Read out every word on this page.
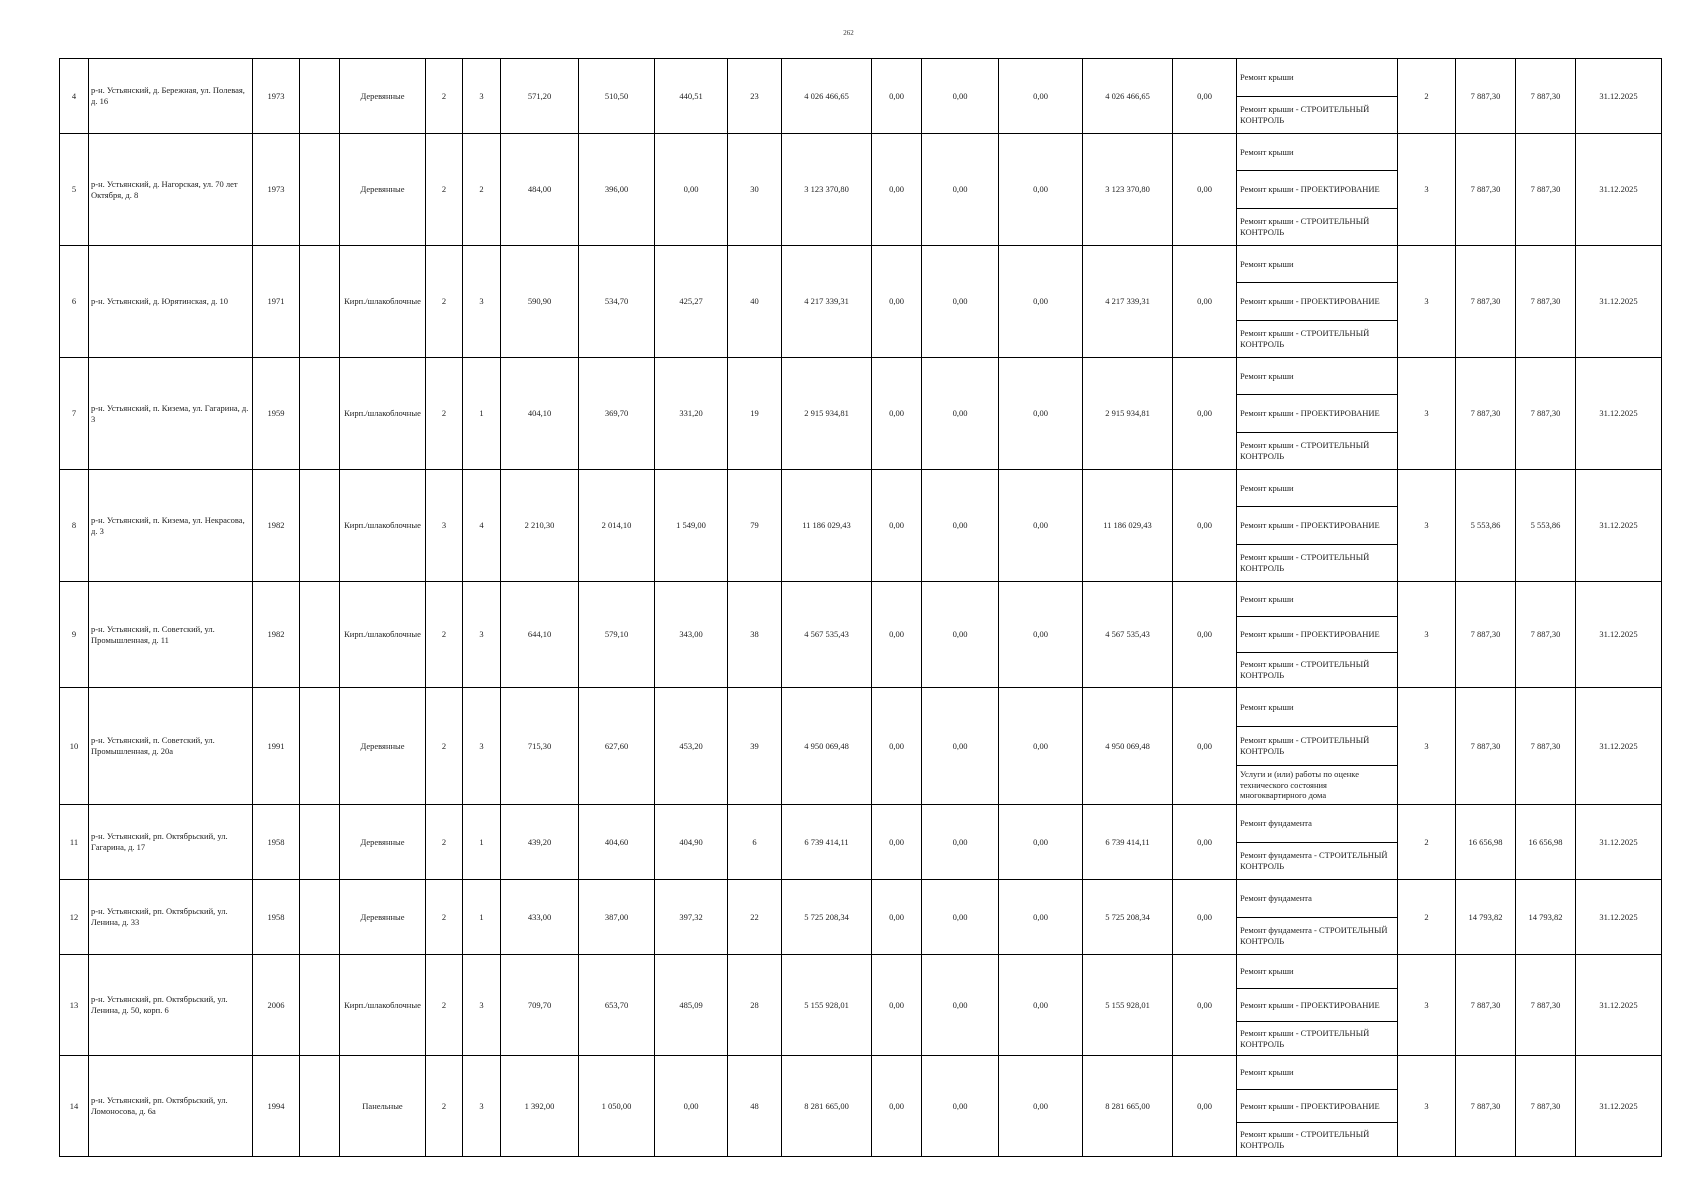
262
4	р-н. Устьянский, д. Бережная, ул. Полевая, д. 16	1973		Деревянные	2	3	571,20	510,50	440,51	23	4 026 466,65	0,00	0,00	0,00	4 026 466,65	0,00	Ремонт крыши
Ремонт крыши - СТРОИТЕЛЬНЫЙ КОНТРОЛЬ	2	7 887,30	7 887,30	31.12.2025
5	р-н. Устьянский, д. Нагорская, ул. 70 лет Октября, д. 8	1973		Деревянные	2	2	484,00	396,00	0,00	30	3 123 370,80	0,00	0,00	0,00	3 123 370,80	0,00	Ремонт крыши
Ремонт крыши - ПРОЕКТИРОВАНИЕ
Ремонт крыши - СТРОИТЕЛЬНЫЙ КОНТРОЛЬ	3	7 887,30	7 887,30	31.12.2025
6	р-н. Устьянский, д. Юрятинская, д. 10	1971		Кирп./шлакоблочные	2	3	590,90	534,70	425,27	40	4 217 339,31	0,00	0,00	0,00	4 217 339,31	0,00	Ремонт крыши
Ремонт крыши - ПРОЕКТИРОВАНИЕ
Ремонт крыши - СТРОИТЕЛЬНЫЙ КОНТРОЛЬ	3	7 887,30	7 887,30	31.12.2025
7	р-н. Устьянский, п. Кизема, ул. Гагарина, д. 3	1959		Кирп./шлакоблочные	2	1	404,10	369,70	331,20	19	2 915 934,81	0,00	0,00	0,00	2 915 934,81	0,00	Ремонт крыши
Ремонт крыши - ПРОЕКТИРОВАНИЕ
Ремонт крыши - СТРОИТЕЛЬНЫЙ КОНТРОЛЬ	3	7 887,30	7 887,30	31.12.2025
8	р-н. Устьянский, п. Кизема, ул. Некрасова, д. 3	1982		Кирп./шлакоблочные	3	4	2 210,30	2 014,10	1 549,00	79	11 186 029,43	0,00	0,00	0,00	11 186 029,43	0,00	Ремонт крыши
Ремонт крыши - ПРОЕКТИРОВАНИЕ
Ремонт крыши - СТРОИТЕЛЬНЫЙ КОНТРОЛЬ	3	5 553,86	5 553,86	31.12.2025
9	р-н. Устьянский, п. Советский, ул. Промышленная, д. 11	1982		Кирп./шлакоблочные	2	3	644,10	579,10	343,00	38	4 567 535,43	0,00	0,00	0,00	4 567 535,43	0,00	Ремонт крыши
Ремонт крыши - ПРОЕКТИРОВАНИЕ
Ремонт крыши - СТРОИТЕЛЬНЫЙ КОНТРОЛЬ	3	7 887,30	7 887,30	31.12.2025
10	р-н. Устьянский, п. Советский, ул. Промышленная, д. 20а	1991		Деревянные	2	3	715,30	627,60	453,20	39	4 950 069,48	0,00	0,00	0,00	4 950 069,48	0,00	Ремонт крыши
Ремонт крыши - СТРОИТЕЛЬНЫЙ КОНТРОЛЬ
Услуги и (или) работы по оценке технического состояния многоквартирного дома	3	7 887,30	7 887,30	31.12.2025
11	р-н. Устьянский, рп. Октябрьский, ул. Гагарина, д. 17	1958		Деревянные	2	1	439,20	404,60	404,90	6	6 739 414,11	0,00	0,00	0,00	6 739 414,11	0,00	Ремонт фундамента
Ремонт фундамента - СТРОИТЕЛЬНЫЙ КОНТРОЛЬ	2	16 656,98	16 656,98	31.12.2025
12	р-н. Устьянский, рп. Октябрьский, ул. Ленина, д. 33	1958		Деревянные	2	1	433,00	387,00	397,32	22	5 725 208,34	0,00	0,00	0,00	5 725 208,34	0,00	Ремонт фундамента
Ремонт фундамента - СТРОИТЕЛЬНЫЙ КОНТРОЛЬ	2	14 793,82	14 793,82	31.12.2025
13	р-н. Устьянский, рп. Октябрьский, ул. Ленина, д. 50, корп. 6	2006		Кирп./шлакоблочные	2	3	709,70	653,70	485,09	28	5 155 928,01	0,00	0,00	0,00	5 155 928,01	0,00	Ремонт крыши
Ремонт крыши - ПРОЕКТИРОВАНИЕ
Ремонт крыши - СТРОИТЕЛЬНЫЙ КОНТРОЛЬ	3	7 887,30	7 887,30	31.12.2025
14	р-н. Устьянский, рп. Октябрьский, ул. Ломоносова, д. 6а	1994		Панельные	2	3	1 392,00	1 050,00	0,00	48	8 281 665,00	0,00	0,00	0,00	8 281 665,00	0,00	Ремонт крыши
Ремонт крыши - ПРОЕКТИРОВАНИЕ
Ремонт крыши - СТРОИТЕЛЬНЫЙ КОНТРОЛЬ	3	7 887,30	7 887,30	31.12.2025
